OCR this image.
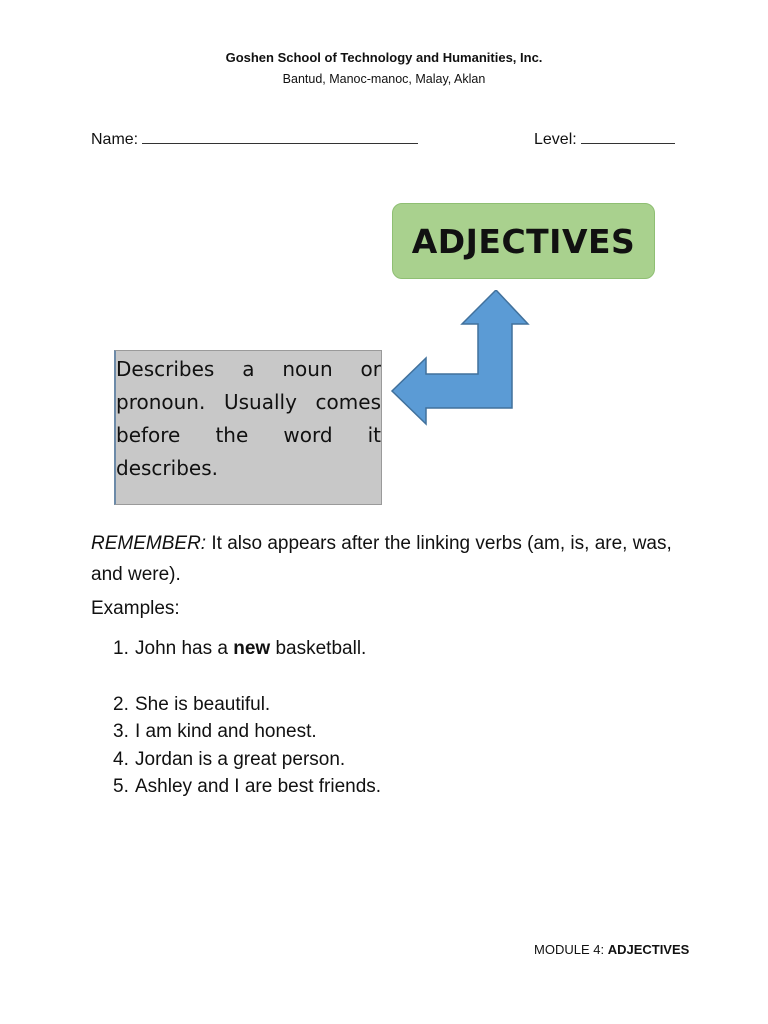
Goshen School of Technology and Humanities, Inc.
Bantud, Manoc-manoc, Malay, Aklan
Name:	Level:
ADJECTIVES
Describes a noun or pronoun. Usually comes before the word it describes.
REMEMBER: It also appears after the linking verbs (am, is, are, was, and were).
Examples:
1. John has a new basketball.
2. She is beautiful.
3. I am kind and honest.
4. Jordan is a great person.
5. Ashley and I are best friends.
MODULE 4: ADJECTIVES
